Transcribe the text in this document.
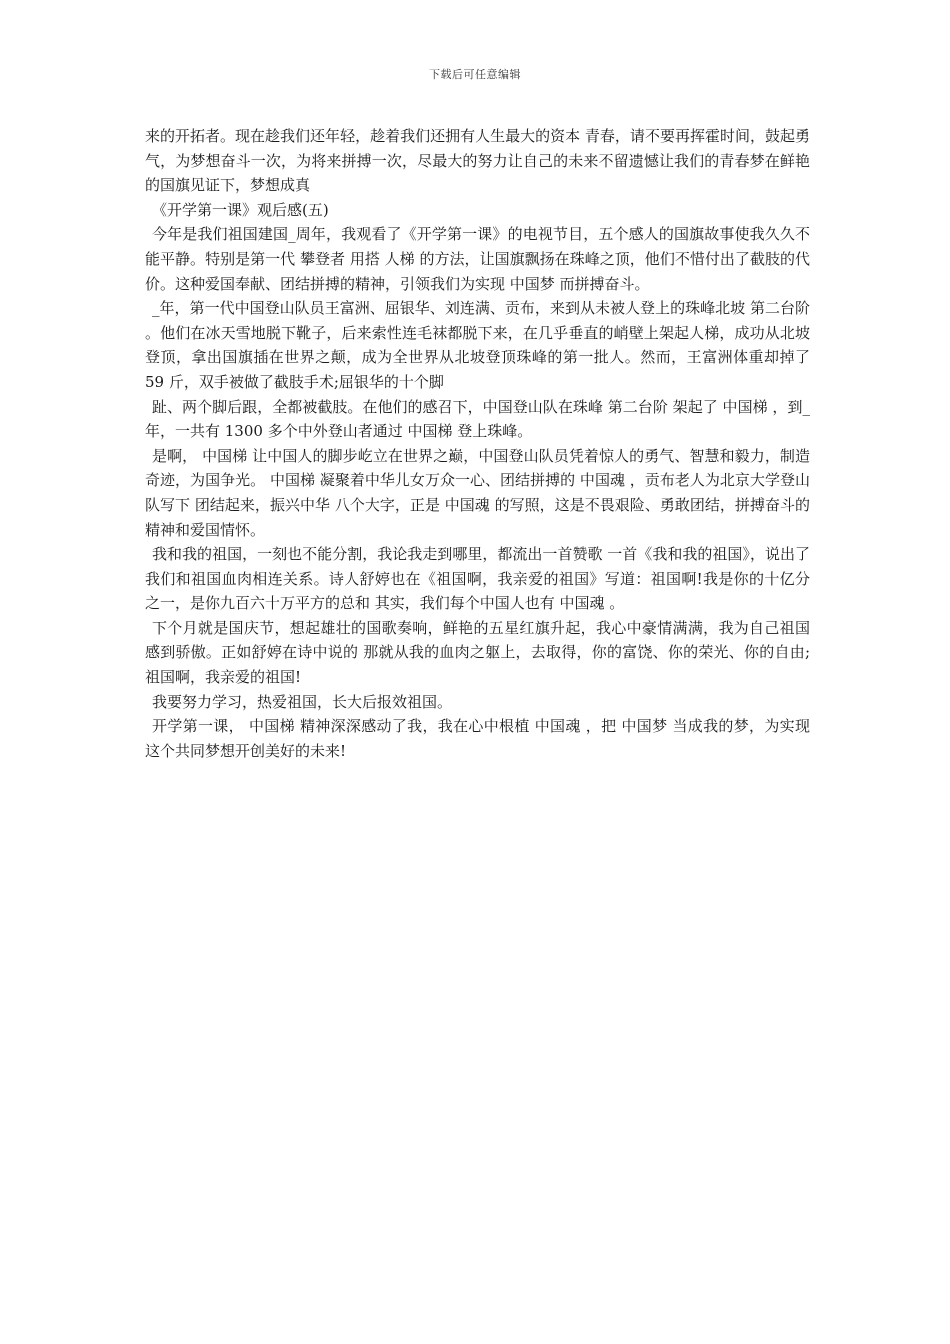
下载后可任意编辑

来的开拓者。现在趁我们还年轻，趁着我们还拥有人生最大的资本 青春，请不要再挥霍时间，鼓起勇气，为梦想奋斗一次，为将来拼搏一次，尽最大的努力让自己的未来不留遗憾让我们的青春梦在鲜艳的国旗见证下，梦想成真

《开学第一课》观后感(五)

今年是我们祖国建国_周年，我观看了《开学第一课》的电视节目，五个感人的国旗故事使我久久不能平静。特别是第一代 攀登者 用搭 人梯 的方法，让国旗飘扬在珠峰之顶，他们不惜付出了截肢的代价。这种爱国奉献、团结拼搏的精神，引领我们为实现 中国梦 而拼搏奋斗。

_年，第一代中国登山队员王富洲、屈银华、刘连满、贡布，来到从未被人登上的珠峰北坡 第二台阶 。他们在冰天雪地脱下靴子，后来索性连毛袜都脱下来，在几乎垂直的峭壁上架起人梯，成功从北坡登顶，拿出国旗插在世界之颠，成为全世界从北坡登顶珠峰的第一批人。然而，王富洲体重却掉了 59 斤，双手被做了截肢手术;屈银华的十个脚

趾、两个脚后跟，全都被截肢。在他们的感召下，中国登山队在珠峰 第二台阶 架起了 中国梯 ，到_年，一共有 1300 多个中外登山者通过 中国梯 登上珠峰。

是啊， 中国梯 让中国人的脚步屹立在世界之巅，中国登山队员凭着惊人的勇气、智慧和毅力，制造奇迹，为国争光。 中国梯 凝聚着中华儿女万众一心、团结拼搏的 中国魂 ，贡布老人为北京大学登山队写下 团结起来，振兴中华 八个大字，正是 中国魂 的写照，这是不畏艰险、勇敢团结，拼搏奋斗的精神和爱国情怀。

我和我的祖国，一刻也不能分割，我论我走到哪里，都流出一首赞歌 一首《我和我的祖国》，说出了我们和祖国血肉相连关系。诗人舒婷也在《祖国啊，我亲爱的祖国》写道：祖国啊!我是你的十亿分之一，是你九百六十万平方的总和 其实，我们每个中国人也有 中国魂 。

下个月就是国庆节，想起雄壮的国歌奏响，鲜艳的五星红旗升起，我心中豪情满满，我为自己祖国感到骄傲。正如舒婷在诗中说的 那就从我的血肉之躯上，去取得，你的富饶、你的荣光、你的自由; 祖国啊，我亲爱的祖国!

我要努力学习，热爱祖国，长大后报效祖国。

开学第一课， 中国梯 精神深深感动了我，我在心中根植 中国魂 ，把 中国梦 当成我的梦，为实现这个共同梦想开创美好的未来!
